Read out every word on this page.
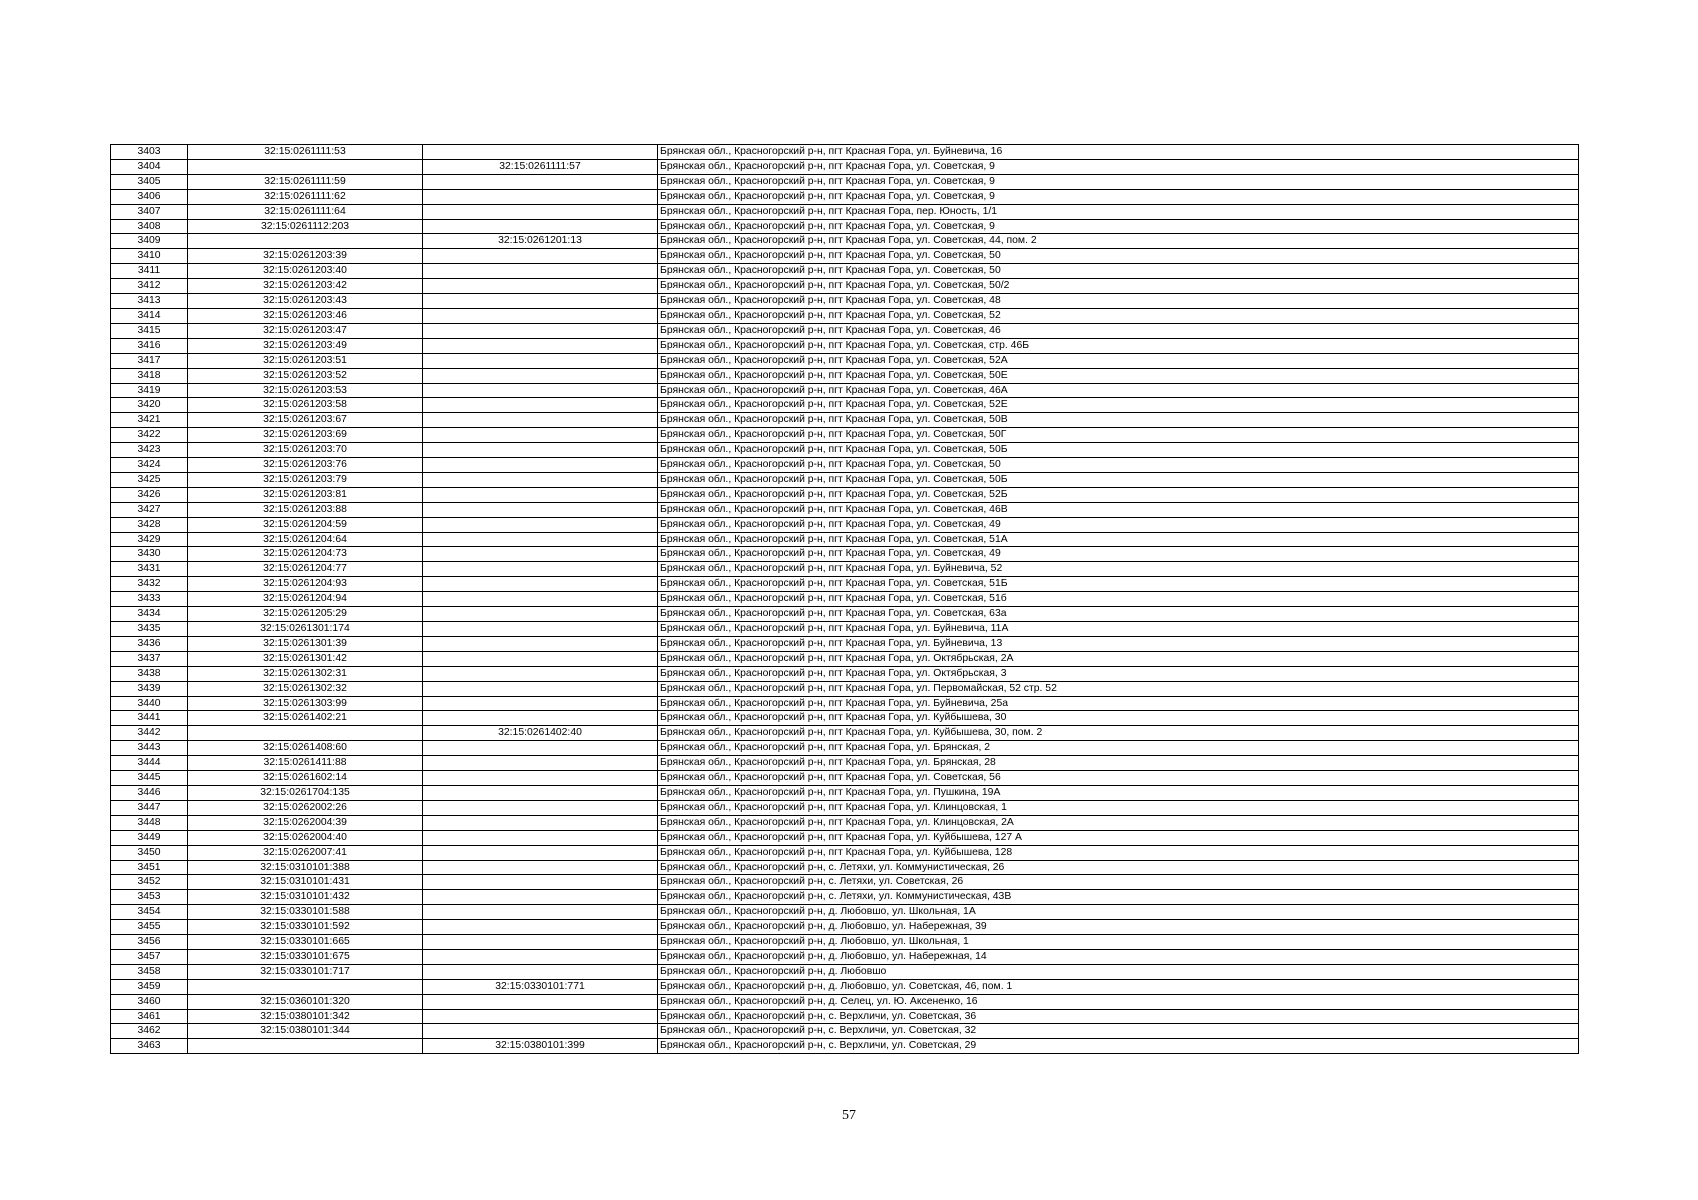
3403	32:15:0261111:53		Брянская обл., Красногорский р-н, пгт Красная Гора, ул. Буйневича, 16
3404		32:15:0261111:57	Брянская обл., Красногорский р-н, пгт Красная Гора, ул. Советская, 9
3405	32:15:0261111:59		Брянская обл., Красногорский р-н, пгт Красная Гора, ул. Советская, 9
3406	32:15:0261111:62		Брянская обл., Красногорский р-н, пгт Красная Гора, ул. Советская, 9
3407	32:15:0261111:64		Брянская обл., Красногорский р-н, пгт Красная Гора, пер. Юность, 1/1
3408	32:15:0261112:203		Брянская обл., Красногорский р-н, пгт Красная Гора, ул. Советская, 9
3409		32:15:0261201:13	Брянская обл., Красногорский р-н, пгт Красная Гора, ул. Советская, 44, пом. 2
3410	32:15:0261203:39		Брянская обл., Красногорский р-н, пгт Красная Гора, ул. Советская, 50
3411	32:15:0261203:40		Брянская обл., Красногорский р-н, пгт Красная Гора, ул. Советская, 50
3412	32:15:0261203:42		Брянская обл., Красногорский р-н, пгт Красная Гора, ул. Советская, 50/2
3413	32:15:0261203:43		Брянская обл., Красногорский р-н, пгт Красная Гора, ул. Советская, 48
3414	32:15:0261203:46		Брянская обл., Красногорский р-н, пгт Красная Гора, ул. Советская, 52
3415	32:15:0261203:47		Брянская обл., Красногорский р-н, пгт Красная Гора, ул. Советская, 46
3416	32:15:0261203:49		Брянская обл., Красногорский р-н, пгт Красная Гора, ул. Советская, стр. 46Б
3417	32:15:0261203:51		Брянская обл., Красногорский р-н, пгт Красная Гора, ул. Советская, 52А
3418	32:15:0261203:52		Брянская обл., Красногорский р-н, пгт Красная Гора, ул. Советская, 50Е
3419	32:15:0261203:53		Брянская обл., Красногорский р-н, пгт Красная Гора, ул. Советская, 46А
3420	32:15:0261203:58		Брянская обл., Красногорский р-н, пгт Красная Гора, ул. Советская, 52Е
3421	32:15:0261203:67		Брянская обл., Красногорский р-н, пгт Красная Гора, ул. Советская, 50В
3422	32:15:0261203:69		Брянская обл., Красногорский р-н, пгт Красная Гора, ул. Советская, 50Г
3423	32:15:0261203:70		Брянская обл., Красногорский р-н, пгт Красная Гора, ул. Советская, 50Б
3424	32:15:0261203:76		Брянская обл., Красногорский р-н, пгт Красная Гора, ул. Советская, 50
3425	32:15:0261203:79		Брянская обл., Красногорский р-н, пгт Красная Гора, ул. Советская, 50Б
3426	32:15:0261203:81		Брянская обл., Красногорский р-н, пгт Красная Гора, ул. Советская, 52Б
3427	32:15:0261203:88		Брянская обл., Красногорский р-н, пгт Красная Гора, ул. Советская, 46В
3428	32:15:0261204:59		Брянская обл., Красногорский р-н, пгт Красная Гора, ул. Советская, 49
3429	32:15:0261204:64		Брянская обл., Красногорский р-н, пгт Красная Гора, ул. Советская, 51А
3430	32:15:0261204:73		Брянская обл., Красногорский р-н, пгт Красная Гора, ул. Советская, 49
3431	32:15:0261204:77		Брянская обл., Красногорский р-н, пгт Красная Гора, ул. Буйневича, 52
3432	32:15:0261204:93		Брянская обл., Красногорский р-н, пгт Красная Гора, ул. Советская, 51Б
3433	32:15:0261204:94		Брянская обл., Красногорский р-н, пгт Красная Гора, ул. Советская, 51б
3434	32:15:0261205:29		Брянская обл., Красногорский р-н, пгт Красная Гора, ул. Советская, 63а
3435	32:15:0261301:174		Брянская обл., Красногорский р-н, пгт Красная Гора, ул. Буйневича, 11А
3436	32:15:0261301:39		Брянская обл., Красногорский р-н, пгт Красная Гора, ул. Буйневича, 13
3437	32:15:0261301:42		Брянская обл., Красногорский р-н, пгт Красная Гора, ул. Октябрьская, 2А
3438	32:15:0261302:31		Брянская обл., Красногорский р-н, пгт Красная Гора, ул. Октябрьская, 3
3439	32:15:0261302:32		Брянская обл., Красногорский р-н, пгт Красная Гора, ул. Первомайская, 52 стр. 52
3440	32:15:0261303:99		Брянская обл., Красногорский р-н, пгт Красная Гора, ул. Буйневича, 25а
3441	32:15:0261402:21		Брянская обл., Красногорский р-н, пгт Красная Гора, ул. Куйбышева, 30
3442		32:15:0261402:40	Брянская обл., Красногорский р-н, пгт Красная Гора, ул. Куйбышева, 30, пом. 2
3443	32:15:0261408:60		Брянская обл., Красногорский р-н, пгт Красная Гора, ул. Брянская, 2
3444	32:15:0261411:88		Брянская обл., Красногорский р-н, пгт Красная Гора, ул. Брянская, 28
3445	32:15:0261602:14		Брянская обл., Красногорский р-н, пгт Красная Гора, ул. Советская, 56
3446	32:15:0261704:135		Брянская обл., Красногорский р-н, пгт Красная Гора, ул. Пушкина, 19А
3447	32:15:0262002:26		Брянская обл., Красногорский р-н, пгт Красная Гора, ул. Клинцовская, 1
3448	32:15:0262004:39		Брянская обл., Красногорский р-н, пгт Красная Гора, ул. Клинцовская, 2А
3449	32:15:0262004:40		Брянская обл., Красногорский р-н, пгт Красная Гора, ул. Куйбышева, 127 А
3450	32:15:0262007:41		Брянская обл., Красногорский р-н, пгт Красная Гора, ул. Куйбышева, 128
3451	32:15:0310101:388		Брянская обл., Красногорский р-н, с. Летяхи, ул. Коммунистическая, 26
3452	32:15:0310101:431		Брянская обл., Красногорский р-н, с. Летяхи, ул. Советская, 26
3453	32:15:0310101:432		Брянская обл., Красногорский р-н, с. Летяхи, ул. Коммунистическая, 43В
3454	32:15:0330101:588		Брянская обл., Красногорский р-н, д. Любовшо, ул. Школьная, 1А
3455	32:15:0330101:592		Брянская обл., Красногорский р-н, д. Любовшо, ул. Набережная, 39
3456	32:15:0330101:665		Брянская обл., Красногорский р-н, д. Любовшо, ул. Школьная, 1
3457	32:15:0330101:675		Брянская обл., Красногорский р-н, д. Любовшо, ул. Набережная, 14
3458	32:15:0330101:717		Брянская обл., Красногорский р-н, д. Любовшо
3459		32:15:0330101:771	Брянская обл., Красногорский р-н, д. Любовшо, ул. Советская, 46, пом. 1
3460	32:15:0360101:320		Брянская обл., Красногорский р-н, д. Селец, ул. Ю. Аксененко, 16
3461	32:15:0380101:342		Брянская обл., Красногорский р-н, с. Верхличи, ул. Советская, 36
3462	32:15:0380101:344		Брянская обл., Красногорский р-н, с. Верхличи, ул. Советская, 32
3463		32:15:0380101:399	Брянская обл., Красногорский р-н, с. Верхличи, ул. Советская, 29
57
